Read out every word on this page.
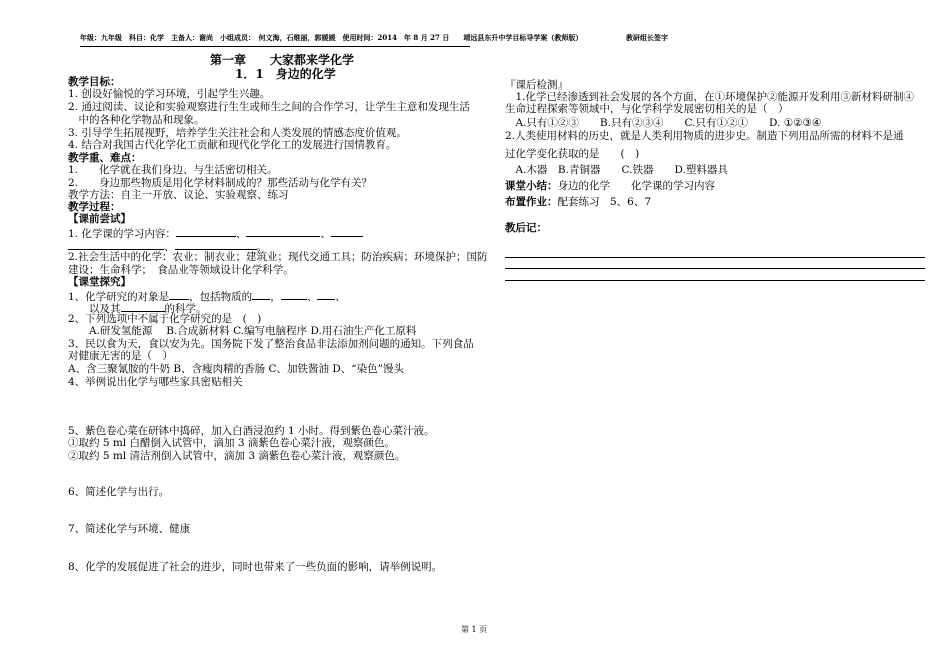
年级：九年级　科目：化学　主备人：谢尚　小组成员：　何文海，石维丽，郭媛媛　使用时间：2014　年 8 月 27 日　　靖远县东升中学目标导学案（教师版）	教研组长签字
第一章　　大家都来学化学
1．1　身边的化学
教学目标：
1. 创设好愉悦的学习环境，引起学生兴趣。
2. 通过阅读、议论和实验观察进行生生或师生之间的合作学习，让学生主意和发现生活
　中的各种化学物品和现象。
3. 引导学生拓展视野，培养学生关注社会和人类发展的情感态度价值观。
4. 结合对我国古代化学化工贡献和现代化学化工的发展进行国情教育。
教学重、难点：
1.　　化学就在我们身边、与生活密切相关。
2.　　身边那些物质是用化学材料制成的？那些活动与化学有关？
教学方法：自主一开放、议论、实验观察、练习
教学过程：
【课前尝试】
1. 化学课的学习内容：	、	、
、	。
2.社会生活中的化学：农业；制衣业；建筑业；现代交通工具；防治疾病；环境保护；国防
建设；生命科学；　食品业等领域设计化学科学。
【课堂探究】
1、化学研究的对象是 ，包括物质的 ， 、 、
　　以及其	的科学。
2、下列选项中不属于化学研究的是　(　)
　　A.研发氢能源　 B.合成新材料 C.编写电脑程序 D.用石油生产化工原料
3、民以食为天，食以安为先。国务院下发了整治食品非法添加剂问题的通知。下列食品
对健康无害的是（　）
A、含三聚氰胺的牛奶 B、含瘦肉精的香肠 C、加铁酱油 D、“染色”馒头
4、举例说出化学与哪些家具密贴相关
5、紫色卷心菜在研钵中捣碎，加入白酒浸泡约 1 小时。得到紫色卷心菜汁液。
①取约 5 ml 白醋倒入试管中，滴加 3 滴紫色卷心菜汁液，观察颜色。
②取约 5 ml 清洁剂倒入试管中，滴加 3 滴紫色卷心菜汁液，观察颜色。
6、简述化学与出行。
7、简述化学与环境、健康
8、化学的发展促进了社会的进步，同时也带来了一些负面的影响，请举例说明。
『课后检测』
　1.化学已经渗透到社会发展的各个方面，在①环境保护②能源开发利用③新材料研制④
生命过程探索等领域中，与化学科学发展密切相关的是（　）
　A.只有①②③　　B.只有②③④　　C.只有①②①　　D. ①②③④
2.人类使用材料的历史，就是人类利用物质的进步史。制造下列用品所需的材料不是通
过化学变化获取的是　　(　)
　A.木器　B.青铜器　　C.铁器　　D.塑料器具
课堂小结：身边的化学　　化学课的学习内容
布置作业：配套练习　5、6、7
教后记：
第 1 页
